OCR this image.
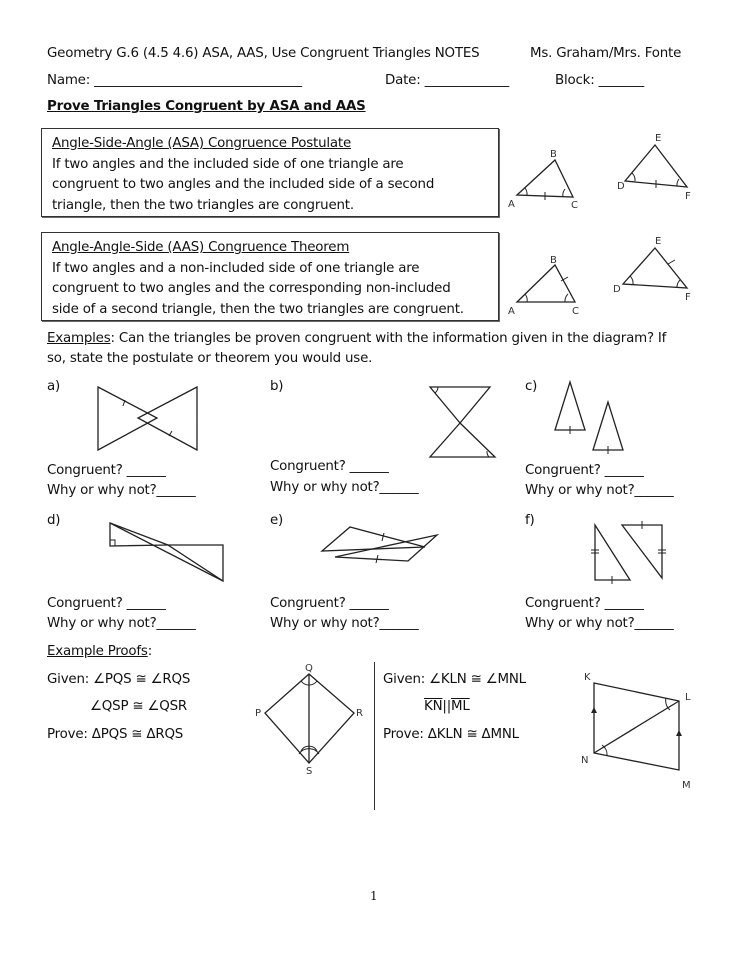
Geometry G.6 (4.5 4.6) ASA, AAS, Use Congruent Triangles NOTES	Ms. Graham/Mrs. Fonte
Name: ________________________________	Date: _____________	Block: _______
Prove Triangles Congruent by ASA and AAS
Angle-Side-Angle (ASA) Congruence Postulate
If two angles and the included side of one triangle are
congruent to two angles and the included side of a second
triangle, then the two triangles are congruent.	A
B
C
D
E
F
Angle-Angle-Side (AAS) Congruence Theorem
If two angles and a non-included side of one triangle are
congruent to two angles and the corresponding non-included
side of a second triangle, then the two triangles are congruent.	A
B
C
D
E
F
Examples: Can the triangles be proven congruent with the information given in the diagram? If
so, state the postulate or theorem you would use.
a)	b)	c)
Congruent? ______
Why or why not?______
Congruent? ______
Why or why not?______
Congruent? ______
Why or why not?______
d)	e)	f)
Congruent? ______
Why or why not?______
Congruent? ______
Why or why not?______
Congruent? ______
Why or why not?______
Example Proofs:
Given: ∠PQS ≅ ∠RQS
∠QSP ≅ ∠QSR
Prove: ΔPQS ≅ ΔRQS
Q
P	R
S
Given: ∠KLN ≅ ∠MNL
$\overline{KN}||\overline{ML}$
Prove: ΔKLN ≅ ΔMNL
K
L
N
M
1
